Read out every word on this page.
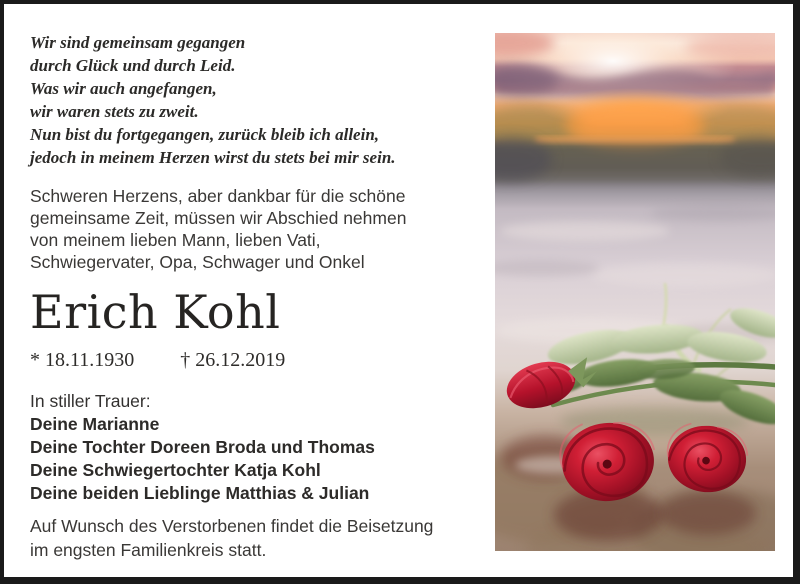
Wir sind gemeinsam gegangen
durch Glück und durch Leid.
Was wir auch angefangen,
wir waren stets zu zweit.
Nun bist du fortgegangen, zurück bleib ich allein,
jedoch in meinem Herzen wirst du stets bei mir sein.
Schweren Herzens, aber dankbar für die schöne
gemeinsame Zeit, müssen wir Abschied nehmen
von meinem lieben Mann, lieben Vati,
Schwiegervater, Opa, Schwager und Onkel
Erich Kohl
* 18.11.1930 † 26.12.2019
In stiller Trauer:
Deine Marianne
Deine Tochter Doreen Broda und Thomas
Deine Schwiegertochter Katja Kohl
Deine beiden Lieblinge Matthias & Julian
Auf Wunsch des Verstorbenen findet die Beisetzung
im engsten Familienkreis statt.
